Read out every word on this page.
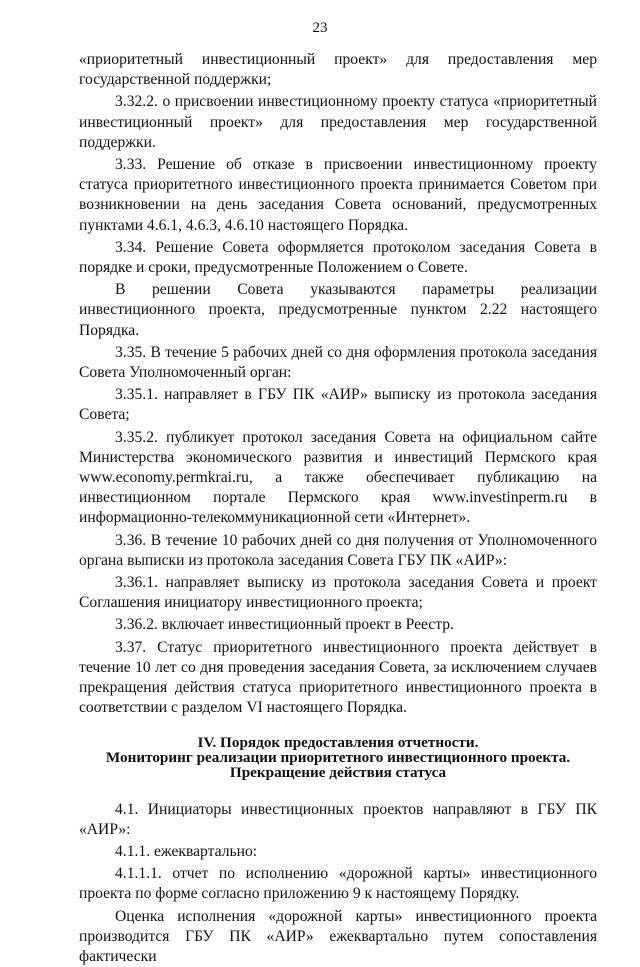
23

«приоритетный инвестиционный проект» для предоставления мер государственной поддержки;

3.32.2. о присвоении инвестиционному проекту статуса «приоритетный инвестиционный проект» для предоставления мер государственной поддержки.

3.33. Решение об отказе в присвоении инвестиционному проекту статуса приоритетного инвестиционного проекта принимается Советом при возникновении на день заседания Совета оснований, предусмотренных пунктами 4.6.1, 4.6.3, 4.6.10 настоящего Порядка.

3.34. Решение Совета оформляется протоколом заседания Совета в порядке и сроки, предусмотренные Положением о Совете.

В решении Совета указываются параметры реализации инвестиционного проекта, предусмотренные пунктом 2.22 настоящего Порядка.

3.35. В течение 5 рабочих дней со дня оформления протокола заседания Совета Уполномоченный орган:

3.35.1. направляет в ГБУ ПК «АИР» выписку из протокола заседания Совета;

3.35.2. публикует протокол заседания Совета на официальном сайте Министерства экономического развития и инвестиций Пермского края www.economy.permkrai.ru, а также обеспечивает публикацию на инвестиционном портале Пермского края www.investinperm.ru в информационно-телекоммуникационной сети «Интернет».

3.36. В течение 10 рабочих дней со дня получения от Уполномоченного органа выписки из протокола заседания Совета ГБУ ПК «АИР»:

3.36.1. направляет выписку из протокола заседания Совета и проект Соглашения инициатору инвестиционного проекта;

3.36.2. включает инвестиционный проект в Реестр.

3.37. Статус приоритетного инвестиционного проекта действует в течение 10 лет со дня проведения заседания Совета, за исключением случаев прекращения действия статуса приоритетного инвестиционного проекта в соответствии с разделом VI настоящего Порядка.

IV. Порядок предоставления отчетности.
Мониторинг реализации приоритетного инвестиционного проекта.
Прекращение действия статуса

4.1. Инициаторы инвестиционных проектов направляют в ГБУ ПК «АИР»:

4.1.1. ежеквартально:

4.1.1.1. отчет по исполнению «дорожной карты» инвестиционного проекта по форме согласно приложению 9 к настоящему Порядку.

Оценка исполнения «дорожной карты» инвестиционного проекта производится ГБУ ПК «АИР» ежеквартально путем сопоставления фактически
